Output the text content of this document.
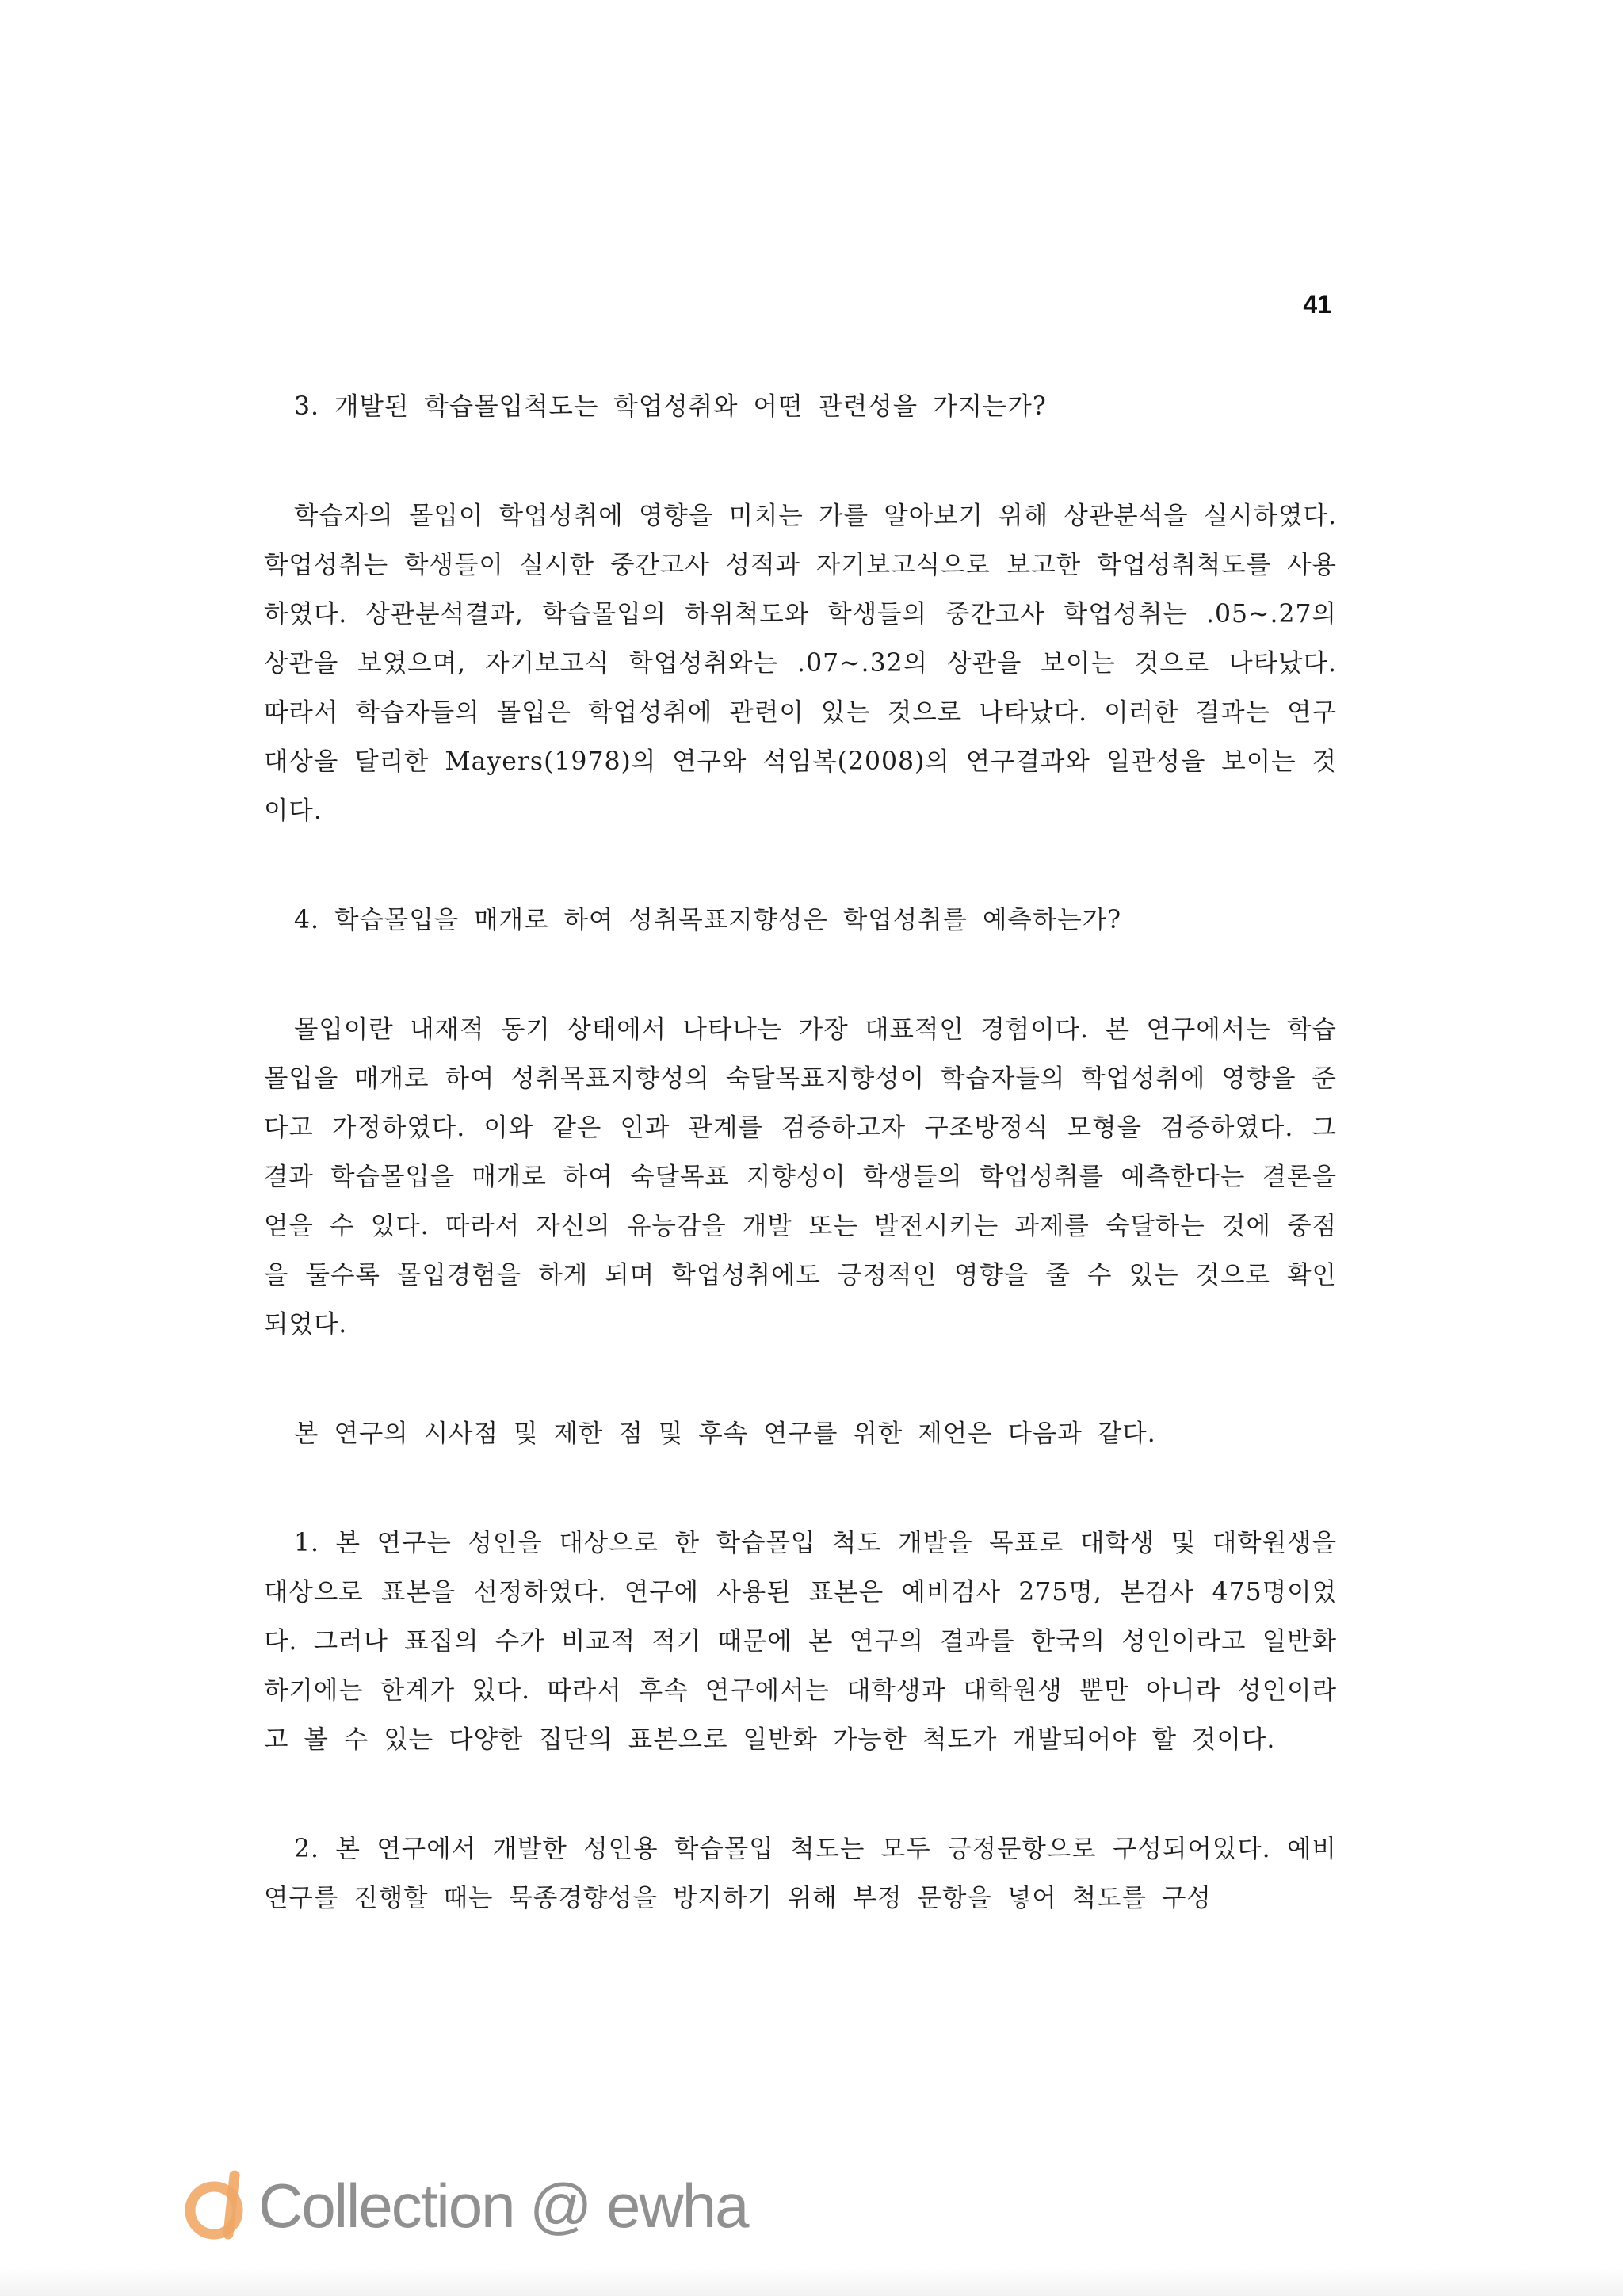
41

3. 개발된 학습몰입척도는 학업성취와 어떤 관련성을 가지는가?

학습자의 몰입이 학업성취에 영향을 미치는 가를 알아보기 위해 상관분석을 실시하였다. 학업성취는 학생들이 실시한 중간고사 성적과 자기보고식으로 보고한 학업성취척도를 사용하였다. 상관분석결과, 학습몰입의 하위척도와 학생들의 중간고사 학업성취는 .05~.27의 상관을 보였으며, 자기보고식 학업성취와는 .07~.32의 상관을 보이는 것으로 나타났다. 따라서 학습자들의 몰입은 학업성취에 관련이 있는 것으로 나타났다. 이러한 결과는 연구대상을 달리한 Mayers(1978)의 연구와 석임복(2008)의 연구결과와 일관성을 보이는 것이다.

4. 학습몰입을 매개로 하여 성취목표지향성은 학업성취를 예측하는가?

몰입이란 내재적 동기 상태에서 나타나는 가장 대표적인 경험이다. 본 연구에서는 학습몰입을 매개로 하여 성취목표지향성의 숙달목표지향성이 학습자들의 학업성취에 영향을 준다고 가정하였다. 이와 같은 인과 관계를 검증하고자 구조방정식 모형을 검증하였다. 그 결과 학습몰입을 매개로 하여 숙달목표 지향성이 학생들의 학업성취를 예측한다는 결론을 얻을 수 있다. 따라서 자신의 유능감을 개발 또는 발전시키는 과제를 숙달하는 것에 중점을 둘수록 몰입경험을 하게 되며 학업성취에도 긍정적인 영향을 줄 수 있는 것으로 확인되었다.

본 연구의 시사점 및 제한 점 및 후속 연구를 위한 제언은 다음과 같다.

1. 본 연구는 성인을 대상으로 한 학습몰입 척도 개발을 목표로 대학생 및 대학원생을 대상으로 표본을 선정하였다. 연구에 사용된 표본은 예비검사 275명, 본검사 475명이었다. 그러나 표집의 수가 비교적 적기 때문에 본 연구의 결과를 한국의 성인이라고 일반화하기에는 한계가 있다. 따라서 후속 연구에서는 대학생과 대학원생 뿐만 아니라 성인이라고 볼 수 있는 다양한 집단의 표본으로 일반화 가능한 척도가 개발되어야 할 것이다.

2. 본 연구에서 개발한 성인용 학습몰입 척도는 모두 긍정문항으로 구성되어있다. 예비연구를 진행할 때는 묵종경향성을 방지하기 위해 부정 문항을 넣어 척도를 구성

Collection @ ewha
